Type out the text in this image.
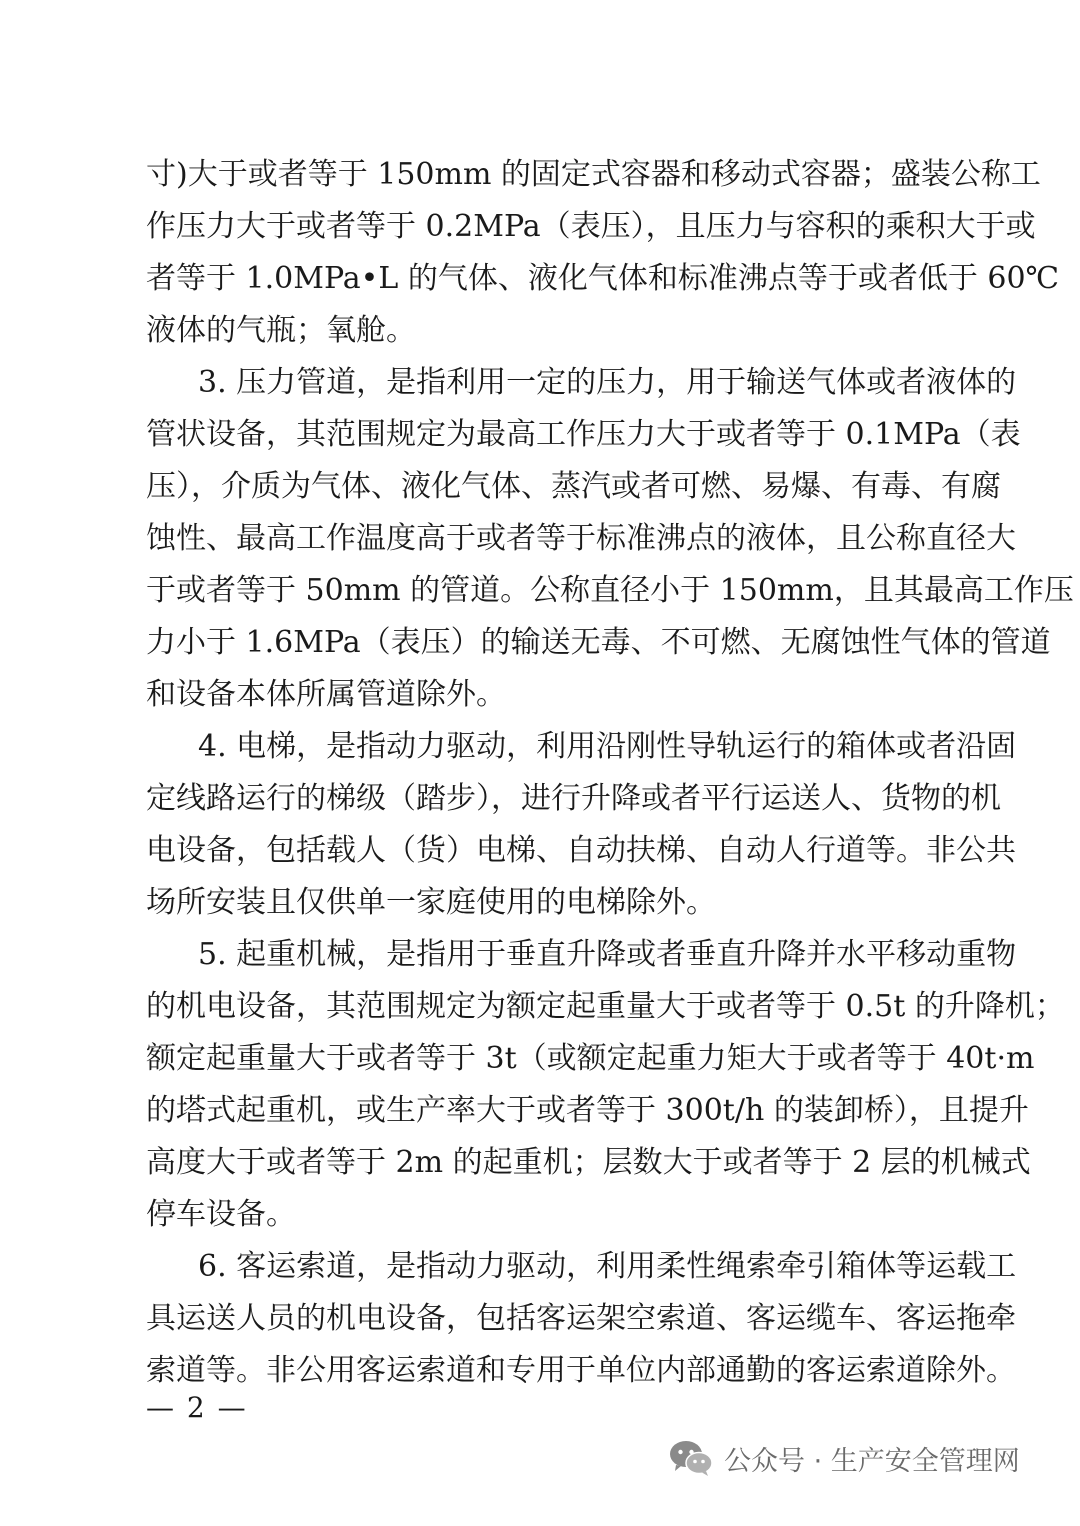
寸)大于或者等于 150mm 的固定式容器和移动式容器；盛装公称工
作压力大于或者等于 0.2MPa（表压），且压力与容积的乘积大于或
者等于 1.0MPa•L 的气体、液化气体和标准沸点等于或者低于 60℃
液体的气瓶；氧舱。
3. 压力管道，是指利用一定的压力，用于输送气体或者液体的
管状设备，其范围规定为最高工作压力大于或者等于 0.1MPa（表
压），介质为气体、液化气体、蒸汽或者可燃、易爆、有毒、有腐
蚀性、最高工作温度高于或者等于标准沸点的液体，且公称直径大
于或者等于 50mm 的管道。公称直径小于 150mm，且其最高工作压
力小于 1.6MPa（表压）的输送无毒、不可燃、无腐蚀性气体的管道
和设备本体所属管道除外。
4. 电梯，是指动力驱动，利用沿刚性导轨运行的箱体或者沿固
定线路运行的梯级（踏步），进行升降或者平行运送人、货物的机
电设备，包括载人（货）电梯、自动扶梯、自动人行道等。非公共
场所安装且仅供单一家庭使用的电梯除外。
5. 起重机械，是指用于垂直升降或者垂直升降并水平移动重物
的机电设备，其范围规定为额定起重量大于或者等于 0.5t 的升降机；
额定起重量大于或者等于 3t（或额定起重力矩大于或者等于 40t·m
的塔式起重机，或生产率大于或者等于 300t/h 的装卸桥），且提升
高度大于或者等于 2m 的起重机；层数大于或者等于 2 层的机械式
停车设备。
6. 客运索道，是指动力驱动，利用柔性绳索牵引箱体等运载工
具运送人员的机电设备，包括客运架空索道、客运缆车、客运拖牵
索道等。非公用客运索道和专用于单位内部通勤的客运索道除外。
— 2 —
公众号 · 生产安全管理网
